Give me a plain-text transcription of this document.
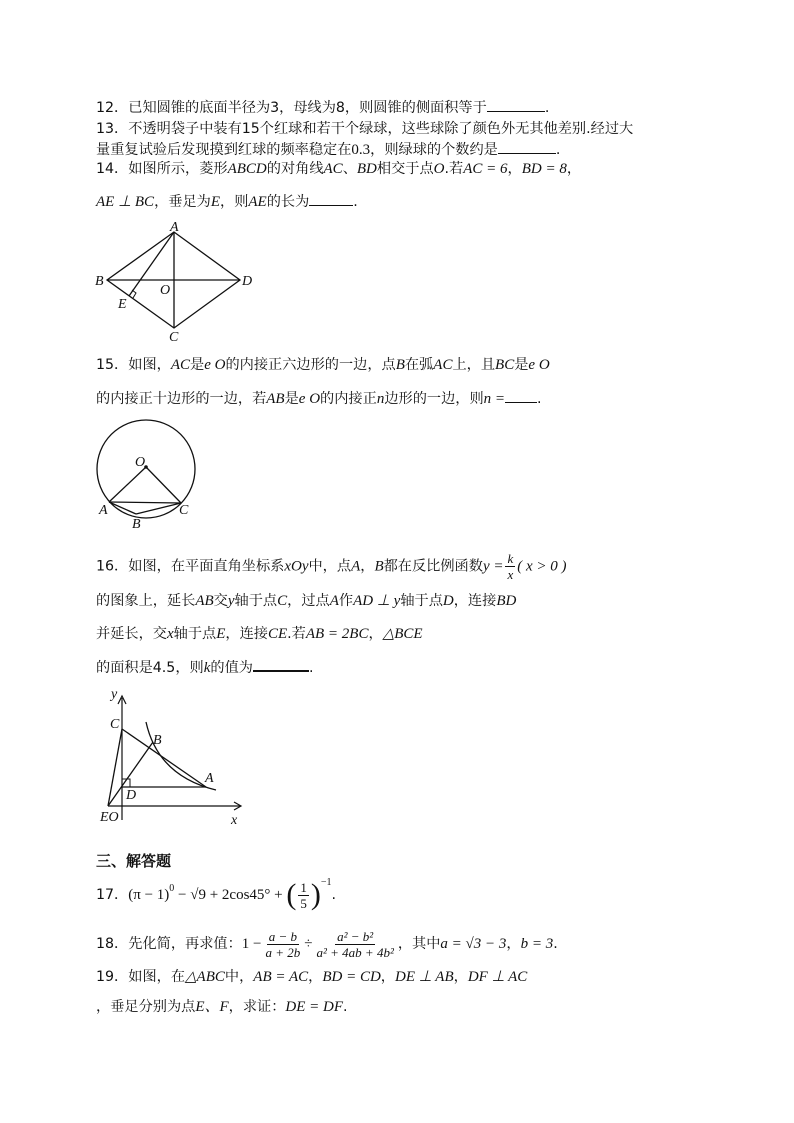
12．已知圆锥的底面半径为3，母线为8，则圆锥的侧面积等于	.
13．不透明袋子中装有15个红球和若干个绿球，这些球除了颜色外无其他差别.经过大
量重复试验后发现摸到红球的频率稳定在0.3，则绿球的个数约是	.
14．如图所示，菱形ABCD的对角线AC、BD相交于点O.若AC = 6，BD = 8，
AE ⊥ BC，垂足为E，则AE的长为	.
A
B
C
D
E
O
15．如图，AC是e O的内接正六边形的一边，点B在弧AC上，且BC是e O
的内接正十边形的一边，若AB是e O的内接正n边形的一边，则n = .
O
A
B
C
16．如图，在平面直角坐标系xOy中，点A，B都在反比例函数$y = \frac{k}{x}$ ( x > 0 )
的图象上，延长AB交y轴于点C，过点A作AD ⊥ y轴于点D，连接BD
并延长，交x轴于点E，连接CE.若AB = 2BC，△BCE
的面积是4.5，则k的值为	.
y
x
C
B
A
D
EO
三、解答题
17． $(\pi - 1)^0 - √9 + 2\cos 45^\circ$ + ( $\frac{1}{5} )^{-1}$
.
18． 先化简，再求值： $1 - \frac{a - b}{a + 2b} \div \frac{\text{a² − b²}}{\text{a² + 4ab + 4b²}}$ ，其中 a = √3 − 3 ， b = 3 .
19．如图，在△ABC中，AB = AC，BD = CD，DE ⊥ AB，DF ⊥ AC
，垂足分别为点E、F，求证：DE = DF.
